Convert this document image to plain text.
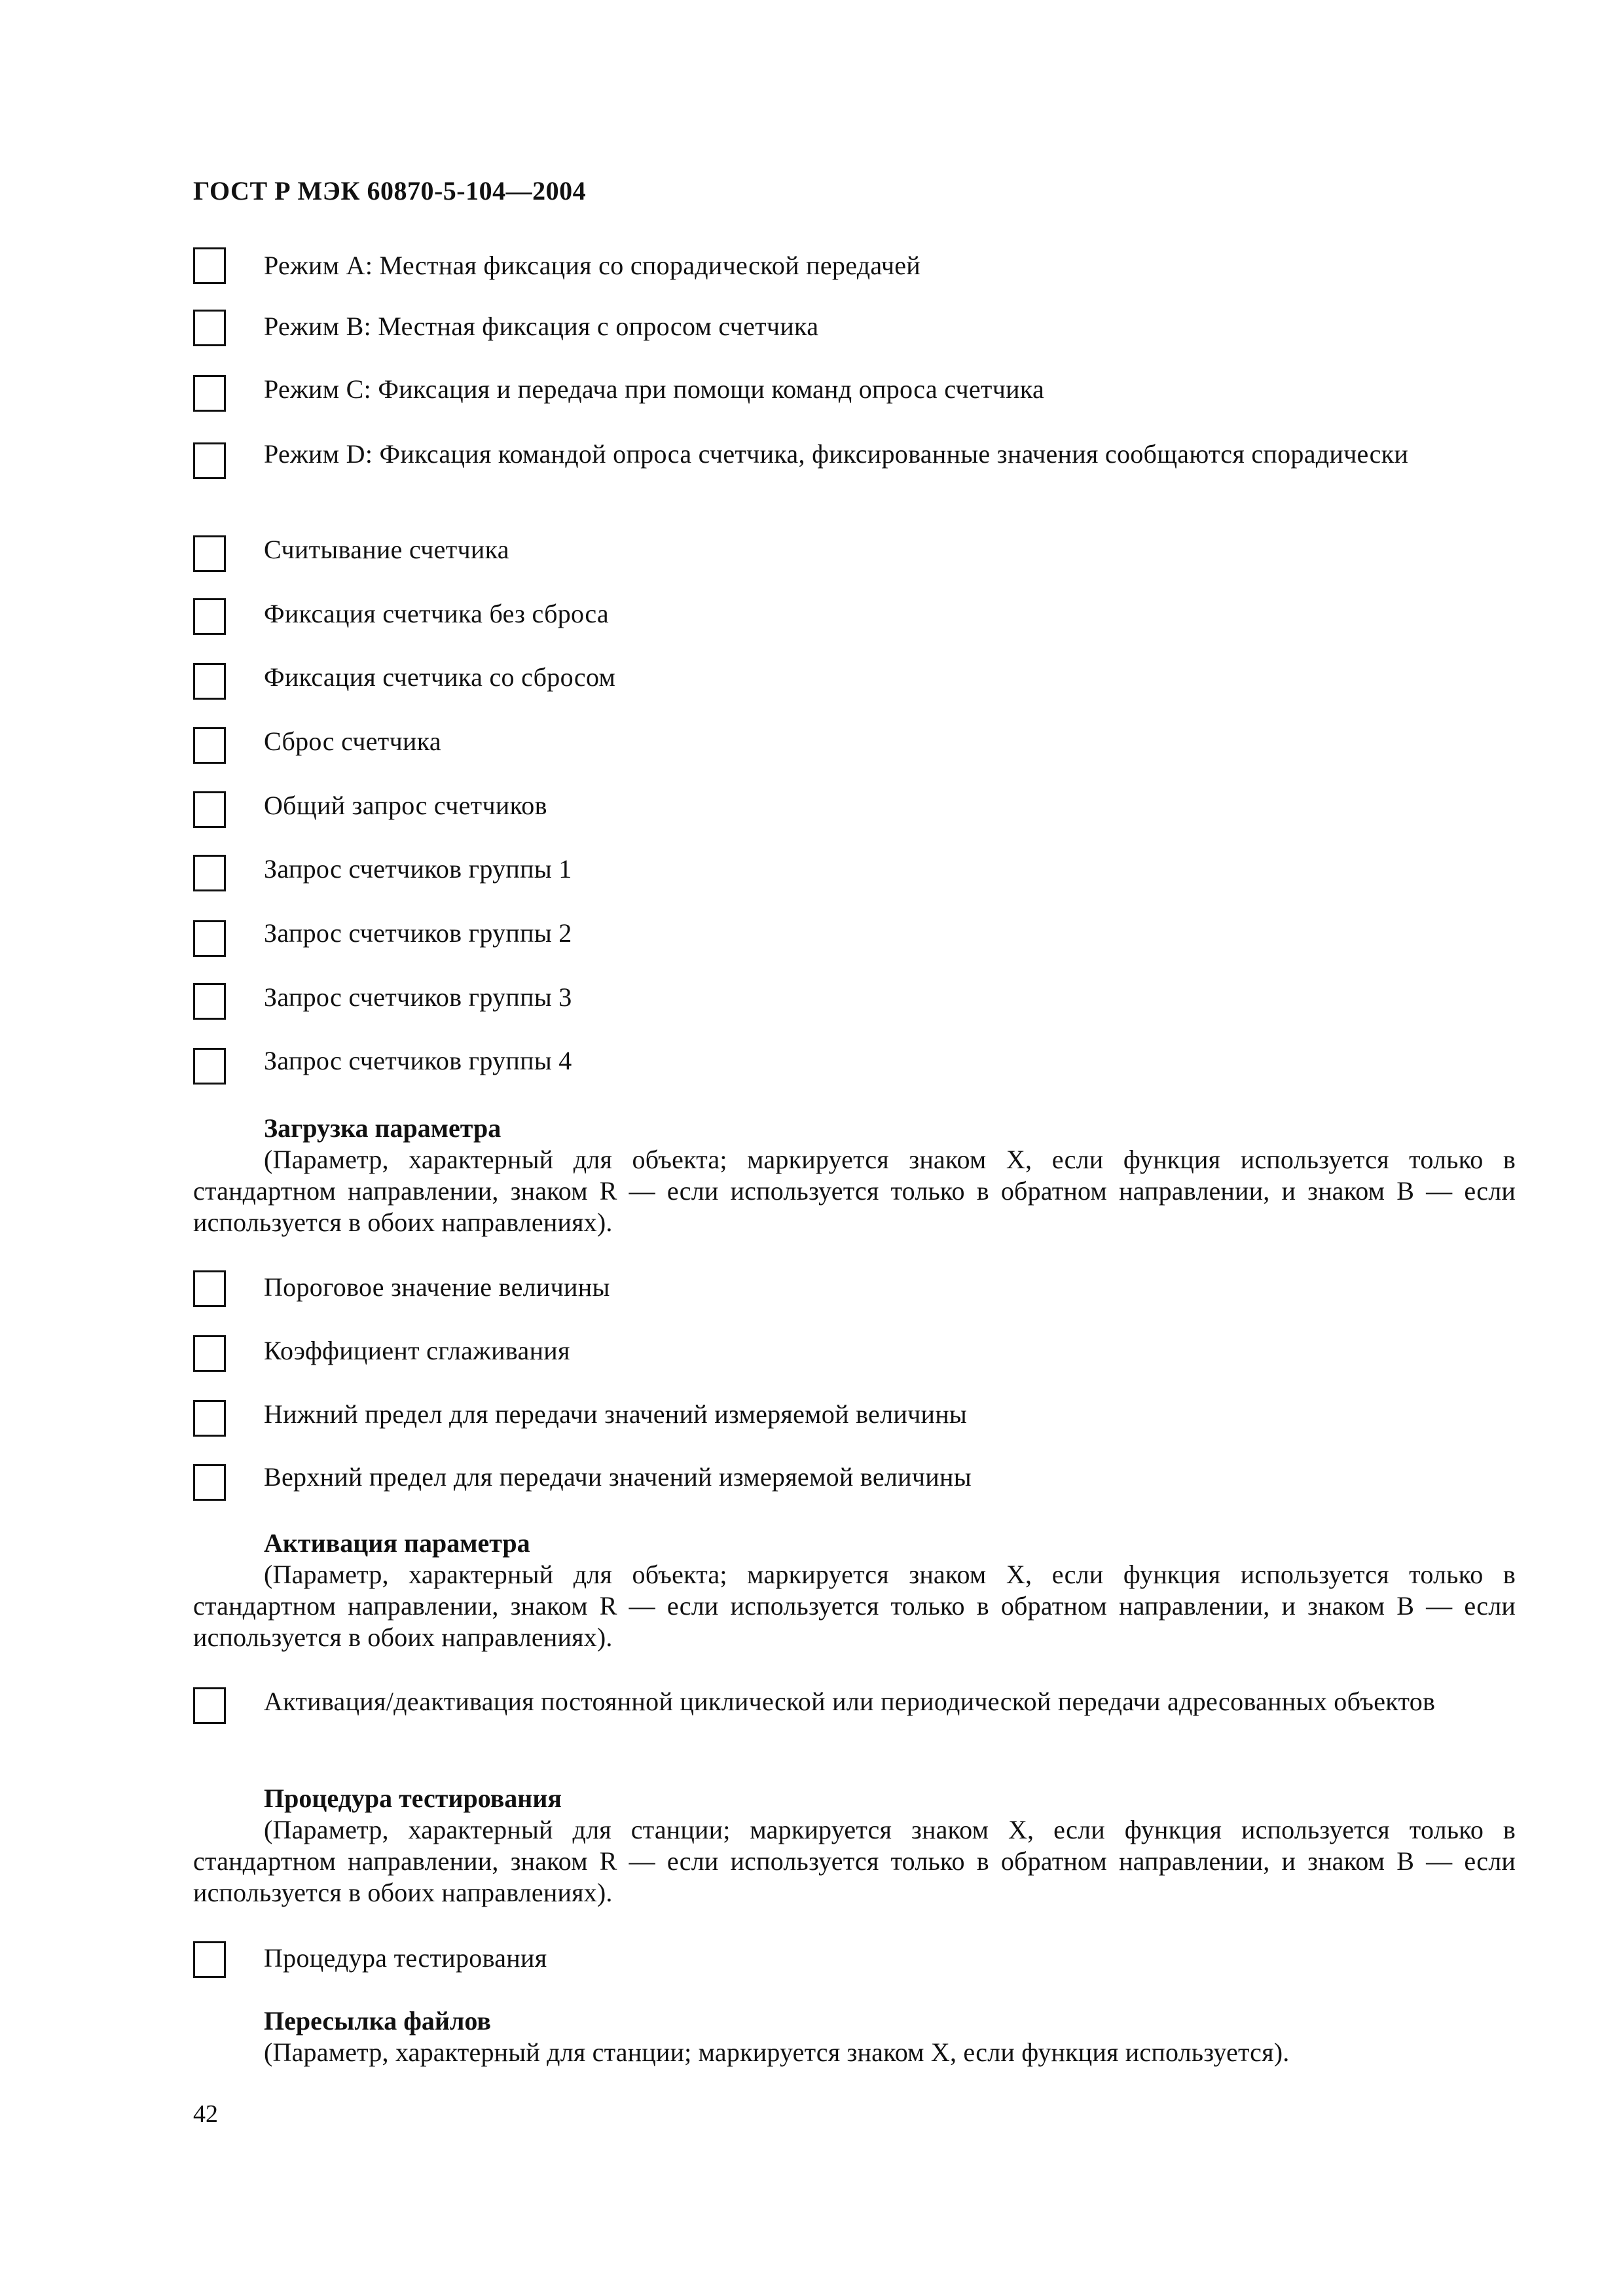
ГОСТ Р МЭК 60870-5-104—2004
Режим А: Местная фиксация со спорадической передачей
Режим В: Местная фиксация с опросом счетчика
Режим С: Фиксация и передача при помощи команд опроса счетчика
Режим D: Фиксация командой опроса счетчика, фиксированные значения сообщаются спорадически
Считывание счетчика
Фиксация счетчика без сброса
Фиксация счетчика со сбросом
Сброс счетчика
Общий запрос счетчиков
Запрос счетчиков группы 1
Запрос счетчиков группы 2
Запрос счетчиков группы 3
Запрос счетчиков группы 4
Загрузка параметра
(Параметр, характерный для объекта; маркируется знаком X, если функция используется только в стандартном направлении, знаком R — если используется только в обратном направлении, и знаком B — если используется в обоих направлениях).
Пороговое значение величины
Коэффициент сглаживания
Нижний предел для передачи значений измеряемой величины
Верхний предел для передачи значений измеряемой величины
Активация параметра
(Параметр, характерный для объекта; маркируется знаком X, если функция используется только в стандартном направлении, знаком R — если используется только в обратном направлении, и знаком B — если используется в обоих направлениях).
Активация/деактивация постоянной циклической или периодической передачи адресованных объектов
Процедура тестирования
(Параметр, характерный для станции; маркируется знаком X, если функция используется только в стандартном направлении, знаком R — если используется только в обратном направлении, и знаком B — если используется в обоих направлениях).
Процедура тестирования
Пересылка файлов
(Параметр, характерный для станции; маркируется знаком X, если функция используется).
42
